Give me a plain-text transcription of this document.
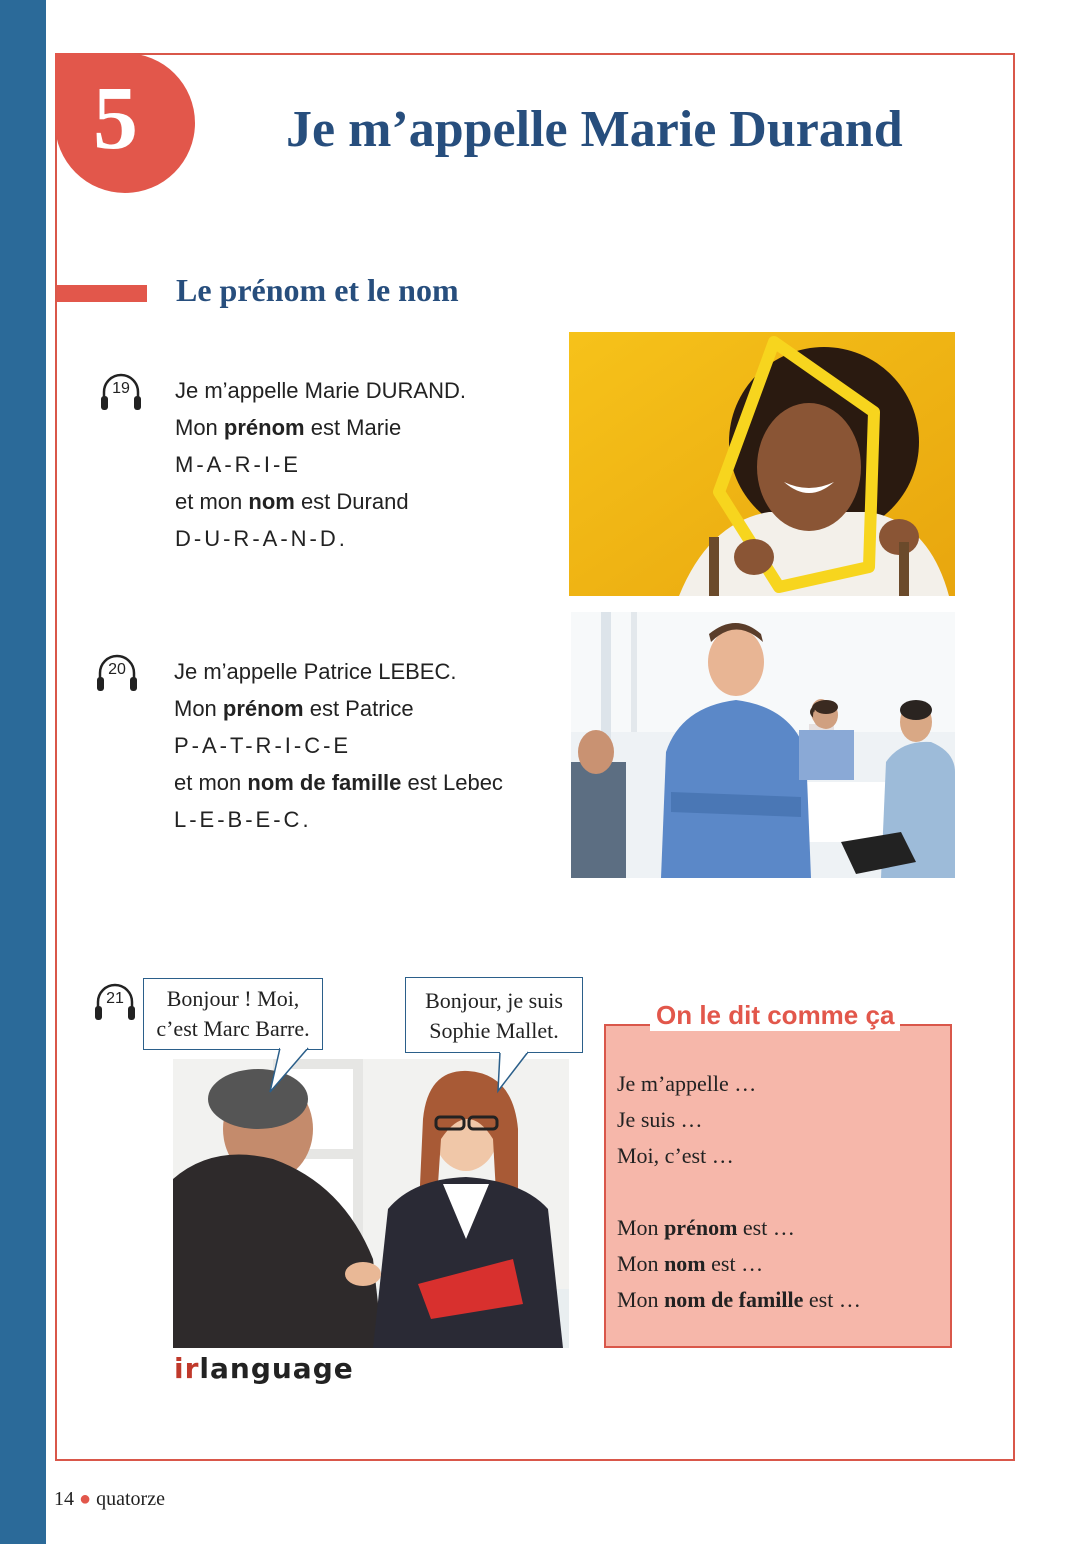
5	Je m’appelle Marie Durand
Le prénom et le nom
19	Je m’appelle Marie DURAND.
Mon prénom est Marie
M-A-R-I-E
et mon nom est Durand
D-U-R-A-N-D.
20	Je m’appelle Patrice LEBEC.
Mon prénom est Patrice
P-A-T-R-I-C-E
et mon nom de famille est Lebec
L-E-B-E-C.
21	Bonjour ! Moi,
c’est Marc Barre.
Bonjour, je suis
Sophie Mallet.
On le dit comme ça
Je m’appelle …
Je suis …
Moi, c’est …
Mon prénom est …
Mon nom est …
Mon nom de famille est …
irlanguage
14 ● quatorze
